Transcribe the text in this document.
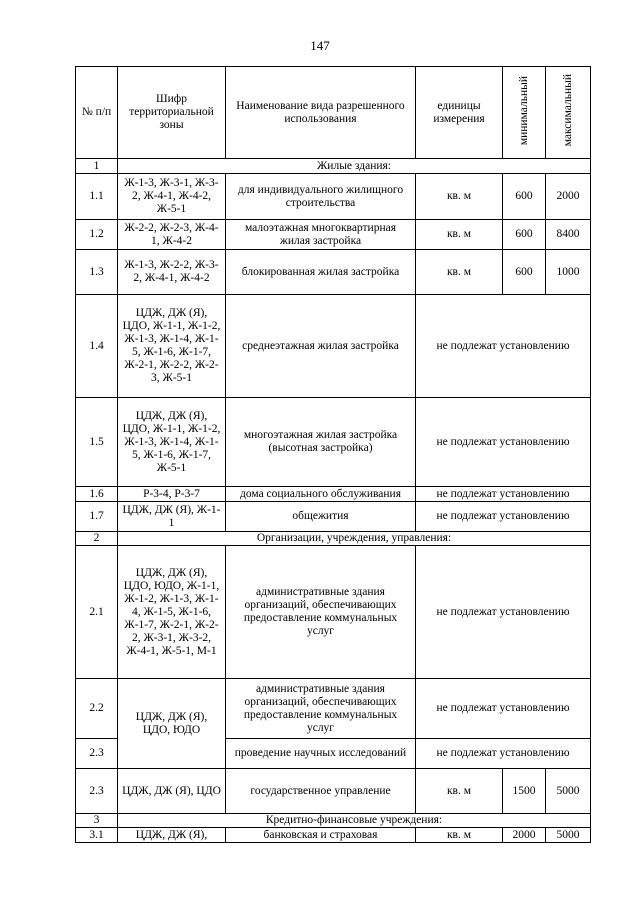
147
№ п/п	Шифр территориальной зоны	Наименование вида разрешенного использования	единицы измерения	минимальный	максимальный
1	Жилые здания:				
1.1	Ж-1-3, Ж-3-1, Ж-3-2, Ж-4-1, Ж-4-2, Ж-5-1	для индивидуального жилищного строительства	кв. м	600	2000
1.2	Ж-2-2, Ж-2-3, Ж-4-1, Ж-4-2	малоэтажная многоквартирная жилая застройка	кв. м	600	8400
1.3	Ж-1-3, Ж-2-2, Ж-3-2, Ж-4-1, Ж-4-2	блокированная жилая застройка	кв. м	600	1000
1.4	ЦДЖ, ДЖ (Я), ЦДО, Ж-1-1, Ж-1-2, Ж-1-3, Ж-1-4, Ж-1-5, Ж-1-6, Ж-1-7, Ж-2-1, Ж-2-2, Ж-2-3, Ж-5-1	среднеэтажная жилая застройка	не подлежат установлению		
1.5	ЦДЖ, ДЖ (Я), ЦДО, Ж-1-1, Ж-1-2, Ж-1-3, Ж-1-4, Ж-1-5, Ж-1-6, Ж-1-7, Ж-5-1	многоэтажная жилая застройка (высотная застройка)	не подлежат установлению		
1.6	Р-3-4, Р-3-7	дома социального обслуживания	не подлежат установлению		
1.7	ЦДЖ, ДЖ (Я), Ж-1-1	общежития	не подлежат установлению		
2	Организации, учреждения, управления:				
2.1	ЦДЖ, ДЖ (Я), ЦДО, ЮДО, Ж-1-1, Ж-1-2, Ж-1-3, Ж-1-4, Ж-1-5, Ж-1-6, Ж-1-7, Ж-2-1, Ж-2-2, Ж-3-1, Ж-3-2, Ж-4-1, Ж-5-1, М-1	административные здания организаций, обеспечивающих предоставление коммунальных услуг	не подлежат установлению		
2.2	ЦДЖ, ДЖ (Я), ЦДО, ЮДО	административные здания организаций, обеспечивающих предоставление коммунальных услуг	не подлежат установлению		
2.3		проведение научных исследований	не подлежат установлению		
2.3	ЦДЖ, ДЖ (Я), ЦДО	государственное управление	кв. м	1500	5000
3	Кредитно-финансовые учреждения:				
3.1	ЦДЖ, ДЖ (Я),	банковская и страховая	кв. м	2000	5000
